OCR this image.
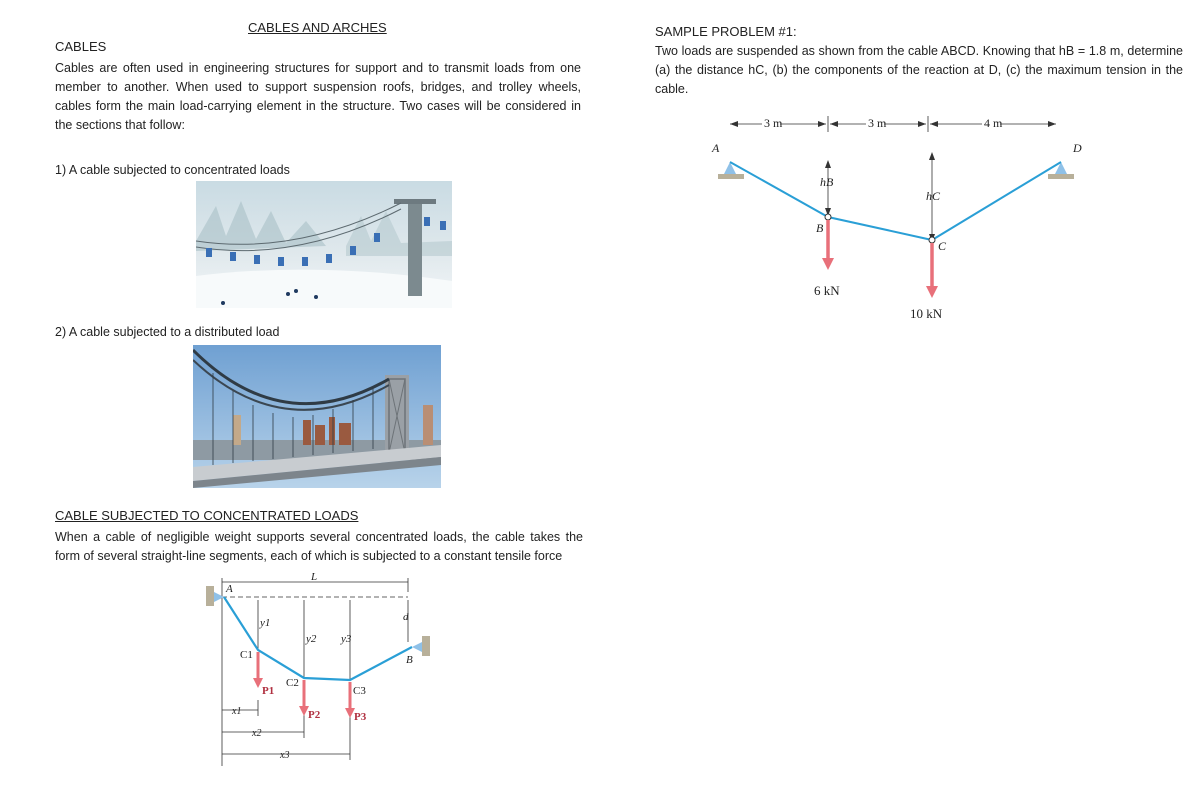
CABLES AND ARCHES
CABLES
Cables are often used in engineering structures for support and to transmit loads from one member to another. When used to support suspension roofs, bridges, and trolley wheels, cables form the main load-carrying element in the structure. Two cases will be considered in the sections that follow:
1) A cable subjected to concentrated loads
2) A cable subjected to a distributed load
CABLE SUBJECTED TO CONCENTRATED LOADS
When a cable of negligible weight supports several concentrated loads, the cable takes the form of several straight-line segments, each of which is subjected to a constant tensile force
L
A
B
d
y1
y2 y3
C1
C2
C3
P1
P2	P3
x1
x2
x3
SAMPLE PROBLEM #1:
Two loads are suspended as shown from the cable ABCD. Knowing that hB = 1.8 m, determine (a) the distance hC, (b) the components of the reaction at D, (c) the maximum tension in the cable.
3 m	3 m	4 m
A	D
B
C
hB
hC
6 kN
10 kN
